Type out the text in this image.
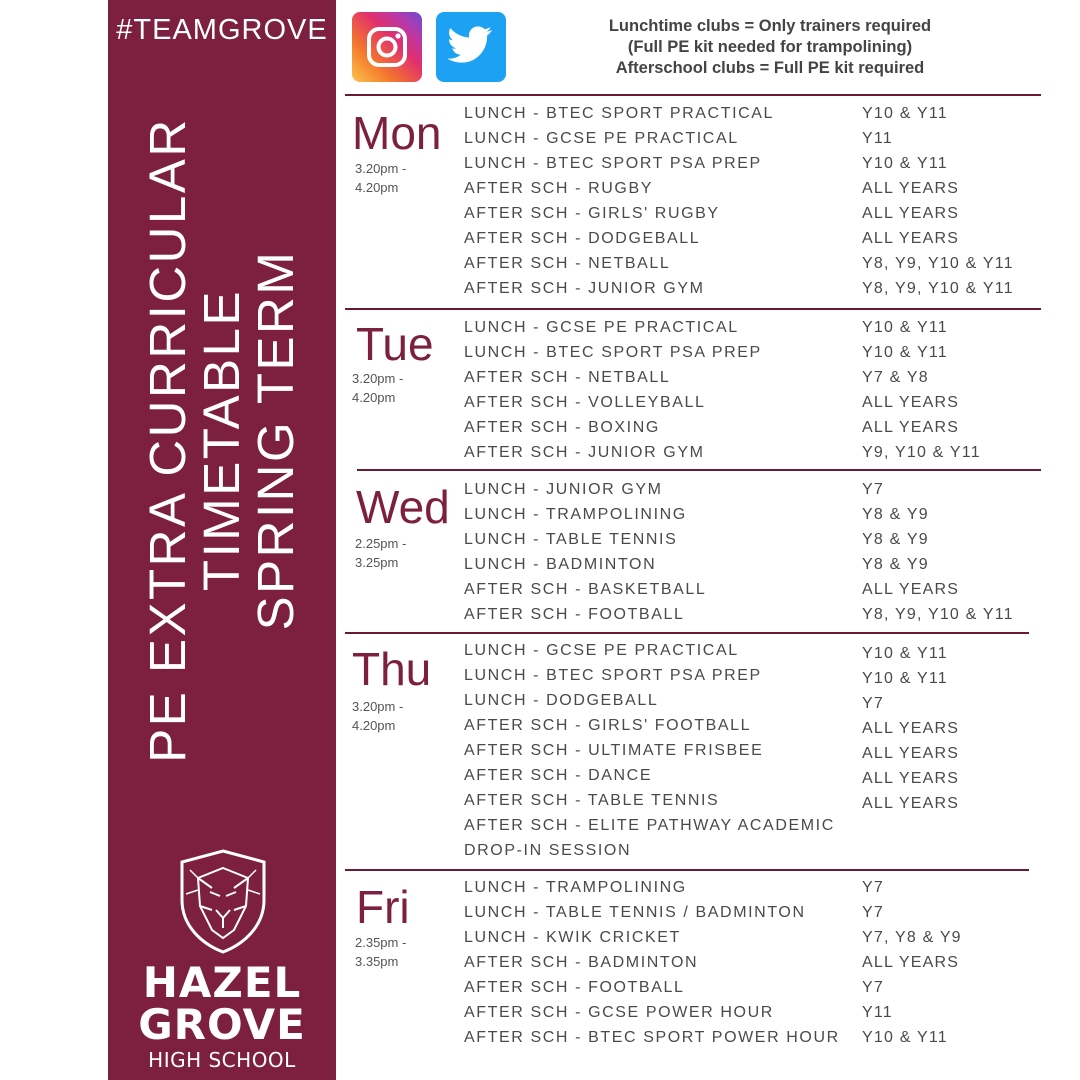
#TEAMGROVE
PE EXTRA CURRICULAR
TIMETABLE
SPRING TERM
HAZEL
GROVE
HIGH SCHOOL
Lunchtime clubs = Only trainers required
(Full PE kit needed for trampolining)
Afterschool clubs = Full PE kit required
Mon
3.20pm -
4.20pm
Tue
3.20pm -
4.20pm
Wed
2.25pm -
3.25pm
Thu
3.20pm -
4.20pm
Fri
2.35pm -
3.35pm
LUNCH - BTEC SPORT PRACTICAL	Y10 & Y11
LUNCH - GCSE PE PRACTICAL	Y11
LUNCH - BTEC SPORT PSA PREP	Y10 & Y11
AFTER SCH - RUGBY	ALL YEARS
AFTER SCH - GIRLS' RUGBY	ALL YEARS
AFTER SCH - DODGEBALL	ALL YEARS
AFTER SCH - NETBALL	Y8, Y9, Y10 & Y11
AFTER SCH - JUNIOR GYM	Y8, Y9, Y10 & Y11
LUNCH - GCSE PE PRACTICAL	Y10 & Y11
LUNCH - BTEC SPORT PSA PREP	Y10 & Y11
AFTER SCH - NETBALL	Y7 & Y8
AFTER SCH - VOLLEYBALL	ALL YEARS
AFTER SCH - BOXING	ALL YEARS
AFTER SCH - JUNIOR GYM	Y9, Y10 & Y11
LUNCH - JUNIOR GYM	Y7
LUNCH - TRAMPOLINING	Y8 & Y9
LUNCH - TABLE TENNIS	Y8 & Y9
LUNCH - BADMINTON	Y8 & Y9
AFTER SCH - BASKETBALL	ALL YEARS
AFTER SCH - FOOTBALL	Y8, Y9, Y10 & Y11
LUNCH - GCSE PE PRACTICAL	Y10 & Y11
LUNCH - BTEC SPORT PSA PREP	Y10 & Y11
LUNCH - DODGEBALL	Y7
AFTER SCH - GIRLS' FOOTBALL	ALL YEARS
AFTER SCH - ULTIMATE FRISBEE	ALL YEARS
AFTER SCH - DANCE	ALL YEARS
AFTER SCH - TABLE TENNIS	ALL YEARS
AFTER SCH - ELITE PATHWAY ACADEMIC
DROP-IN SESSION
LUNCH - TRAMPOLINING	Y7
LUNCH - TABLE TENNIS / BADMINTON	Y7
LUNCH - KWIK CRICKET	Y7, Y8 & Y9
AFTER SCH - BADMINTON	ALL YEARS
AFTER SCH - FOOTBALL	Y7
AFTER SCH - GCSE POWER HOUR	Y11
AFTER SCH - BTEC SPORT POWER HOUR Y10 & Y11
